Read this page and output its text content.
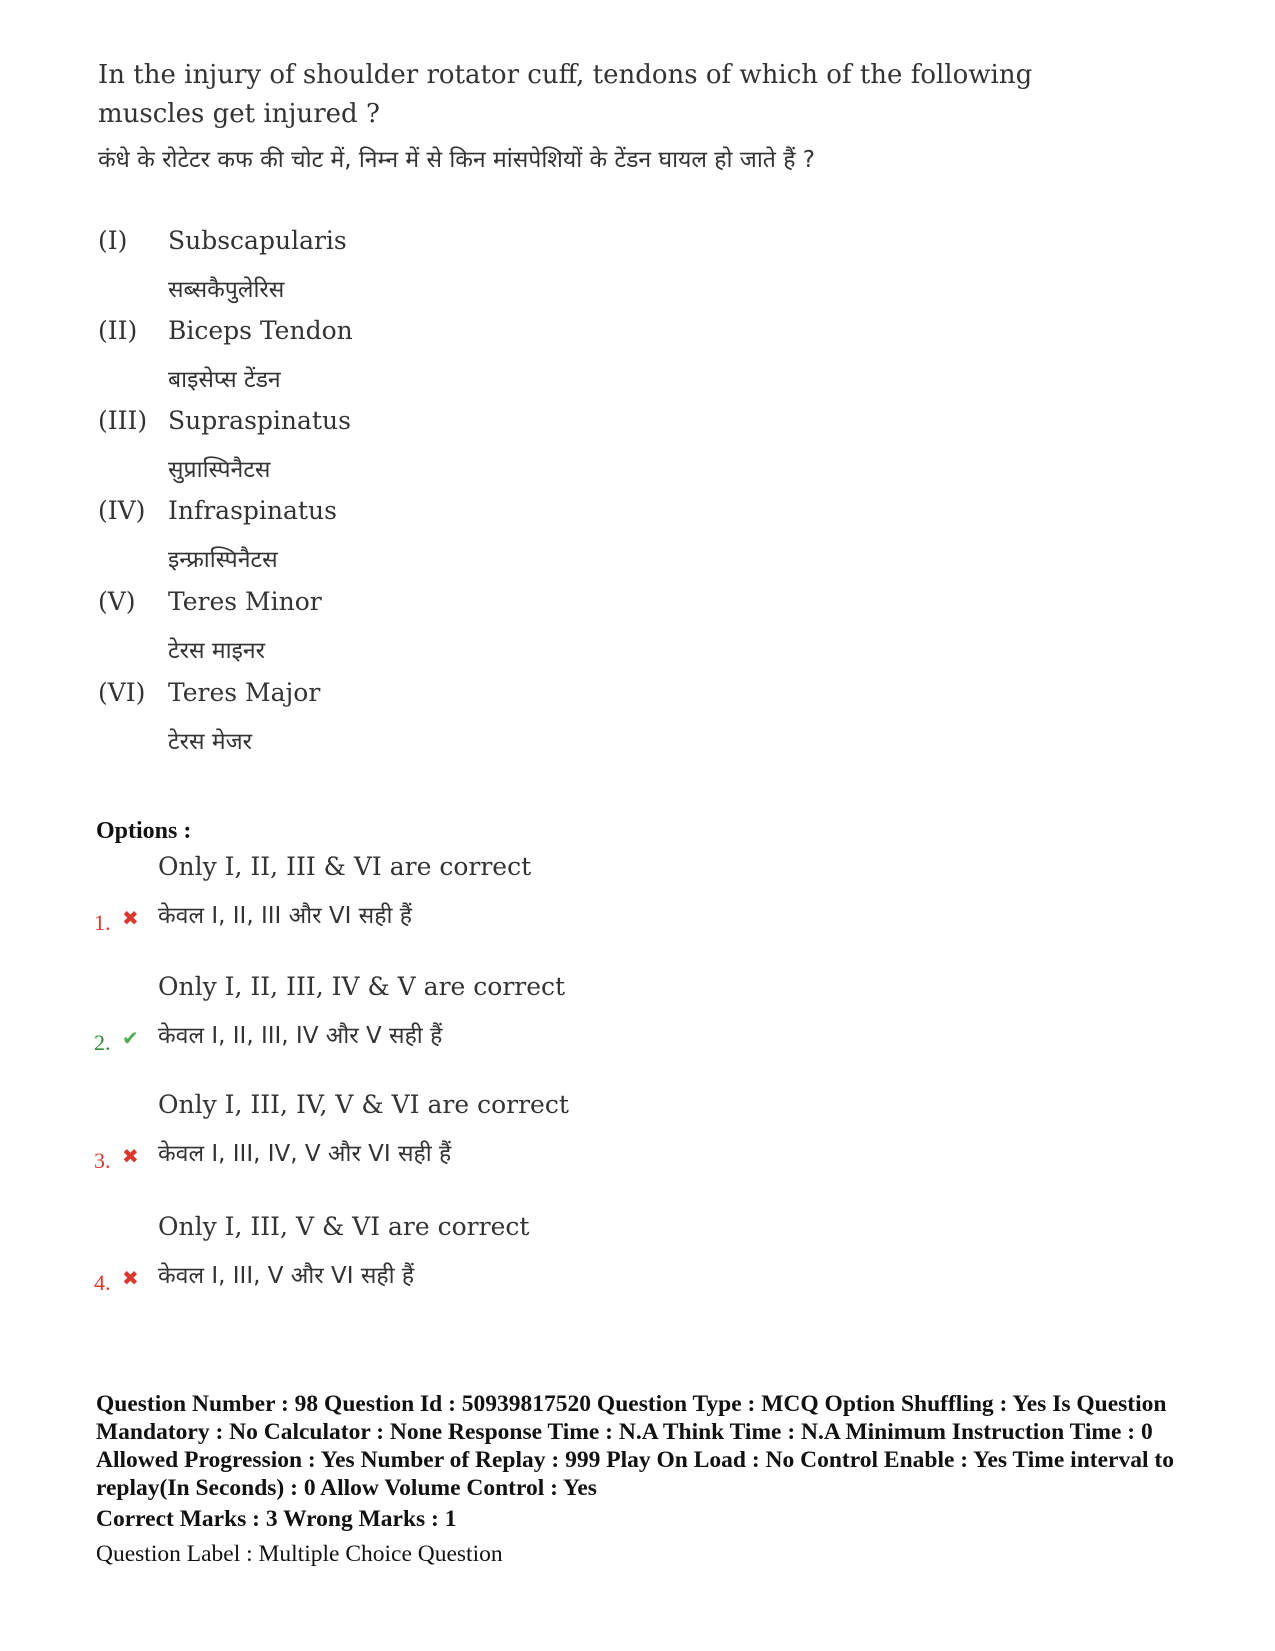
In the injury of shoulder rotator cuff, tendons of which of the following muscles get injured ?
कंधे के रोटेटर कफ की चोट में, निम्न में से किन मांसपेशियों के टेंडन घायल हो जाते हैं ?
(I) Subscapularis
सब्सकैपुलेरिस
(II) Biceps Tendon
बाइसेप्स टेंडन
(III) Supraspinatus
सुप्रास्पिनैटस
(IV) Infraspinatus
इन्फ्रास्पिनैटस
(V) Teres Minor
टेरस माइनर
(VI) Teres Major
टेरस मेजर
Options :
Only I, II, III & VI are correct
केवल I, II, III और VI सही हैं
1. ✖
Only I, II, III, IV & V are correct
केवल I, II, III, IV और V सही हैं
2. ✔
Only I, III, IV, V & VI are correct
केवल I, III, IV, V और VI सही हैं
3. ✖
Only I, III, V & VI are correct
केवल I, III, V और VI सही हैं
4. ✖
Question Number : 98 Question Id : 50939817520 Question Type : MCQ Option Shuffling : Yes Is Question Mandatory : No Calculator : None Response Time : N.A Think Time : N.A Minimum Instruction Time : 0 Allowed Progression : Yes Number of Replay : 999 Play On Load : No Control Enable : Yes Time interval to replay(In Seconds) : 0 Allow Volume Control : Yes
Correct Marks : 3 Wrong Marks : 1
Question Label : Multiple Choice Question
